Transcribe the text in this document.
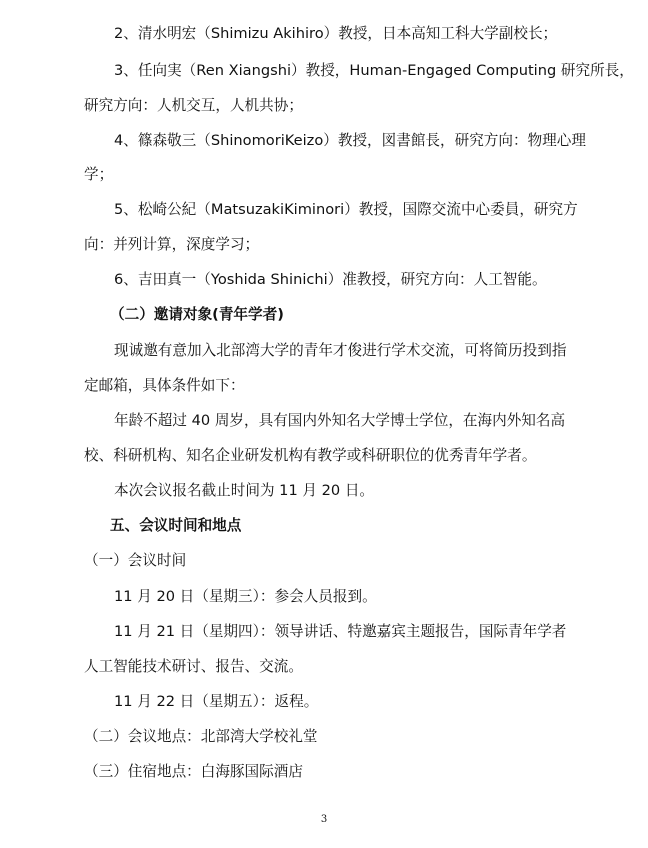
2、清水明宏（Shimizu Akihiro）教授，日本高知工科大学副校长；
3、任向実（Ren Xiangshi）教授，Human-Engaged Computing 研究所長，
研究方向：人机交互，人机共协；
4、篠森敬三（ShinomoriKeizo）教授，図書館長，研究方向：物理心理
学；
5、松崎公紀（MatsuzakiKiminori）教授，国際交流中心委員，研究方
向：并列计算，深度学习；
6、吉田真一（Yoshida Shinichi）准教授，研究方向：人工智能。
（二）邀请对象(青年学者)
现诚邀有意加入北部湾大学的青年才俊进行学术交流，可将简历投到指
定邮箱，具体条件如下：
年龄不超过 40 周岁，具有国内外知名大学博士学位，在海内外知名高
校、科研机构、知名企业研发机构有教学或科研职位的优秀青年学者。
本次会议报名截止时间为 11 月 20 日。
五、会议时间和地点
（一）会议时间
11 月 20 日（星期三）：参会人员报到。
11 月 21 日（星期四）：领导讲话、特邀嘉宾主题报告，国际青年学者
人工智能技术研讨、报告、交流。
11 月 22 日（星期五）：返程。
（二）会议地点：北部湾大学校礼堂
（三）住宿地点：白海豚国际酒店
3
